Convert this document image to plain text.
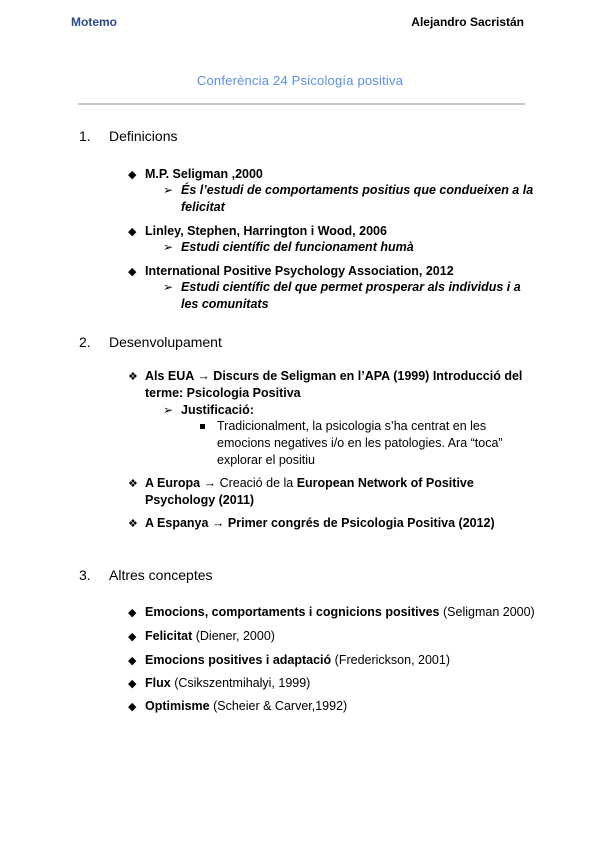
Motemo	Alejandro Sacristán
Conferència 24 Psicología positiva
1. Definicions
◆ M.P. Seligman ,2000
➢ És l’estudi de comportaments positius que condueixen a la
felicitat
◆ Linley, Stephen, Harrington i Wood, 2006
➢ Estudi científic del funcionament humà
◆ International Positive Psychology Association, 2012
➢ Estudi científic del que permet prosperar als individus i a
les comunitats
2. Desenvolupament
❖ Als EUA → Discurs de Seligman en l’APA (1999) Introducció del
terme: Psicologia Positiva
➢ Justificació:
Tradicionalment, la psicologia s’ha centrat en les
emocions negatives i/o en les patologies. Ara “toca”
explorar el positiu
❖ A Europa → Creació de la European Network of Positive
Psychology (2011)
❖ A Espanya → Primer congrés de Psicologia Positiva (2012)
3. Altres conceptes
◆ Emocions, comportaments i cognicions positives (Seligman 2000)
◆ Felicitat (Diener, 2000)
◆ Emocions positives i adaptació (Frederickson, 2001)
◆ Flux (Csikszentmihalyi, 1999)
◆ Optimisme (Scheier & Carver,1992)
